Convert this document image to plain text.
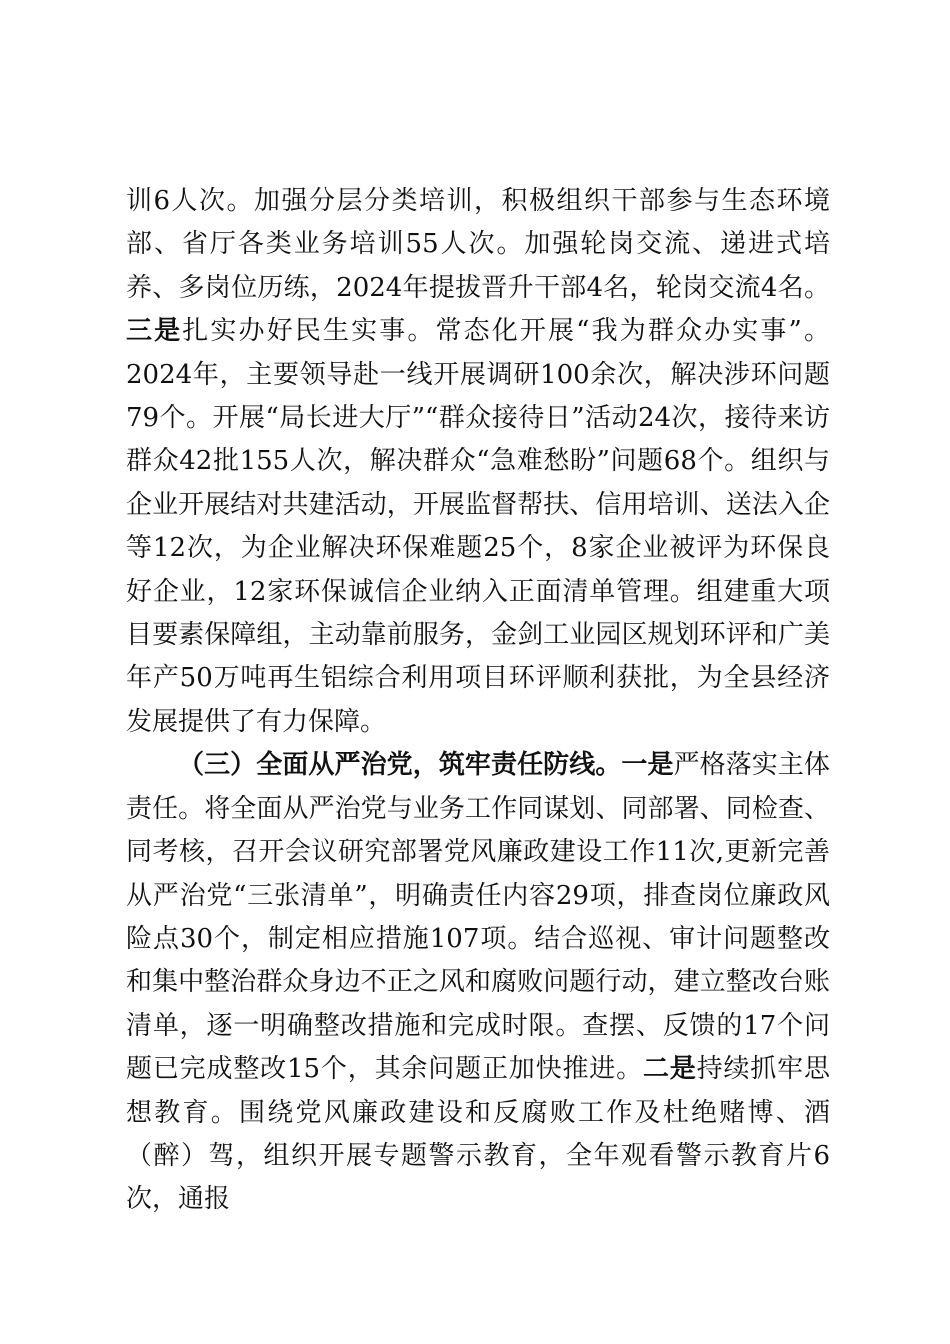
训6人次。加强分层分类培训，积极组织干部参与生态环境部、省厅各类业务培训55人次。加强轮岗交流、递进式培养、多岗位历练，2024年提拔晋升干部4名，轮岗交流4名。三是扎实办好民生实事。常态化开展“我为群众办实事”。2024年，主要领导赴一线开展调研100余次，解决涉环问题79个。开展“局长进大厅”“群众接待日”活动24次，接待来访群众42批155人次，解决群众“急难愁盼”问题68个。组织与企业开展结对共建活动，开展监督帮扶、信用培训、送法入企等12次，为企业解决环保难题25个，8家企业被评为环保良好企业，12家环保诚信企业纳入正面清单管理。组建重大项目要素保障组，主动靠前服务，金剑工业园区规划环评和广美年产50万吨再生铝综合利用项目环评顺利获批，为全县经济发展提供了有力保障。

（三）全面从严治党，筑牢责任防线。一是严格落实主体责任。将全面从严治党与业务工作同谋划、同部署、同检查、同考核，召开会议研究部署党风廉政建设工作11次,更新完善从严治党“三张清单”，明确责任内容29项，排查岗位廉政风险点30个，制定相应措施107项。结合巡视、审计问题整改和集中整治群众身边不正之风和腐败问题行动，建立整改台账清单，逐一明确整改措施和完成时限。查摆、反馈的17个问题已完成整改15个，其余问题正加快推进。二是持续抓牢思想教育。围绕党风廉政建设和反腐败工作及杜绝赌博、酒（醉）驾，组织开展专题警示教育，全年观看警示教育片6次，通报
